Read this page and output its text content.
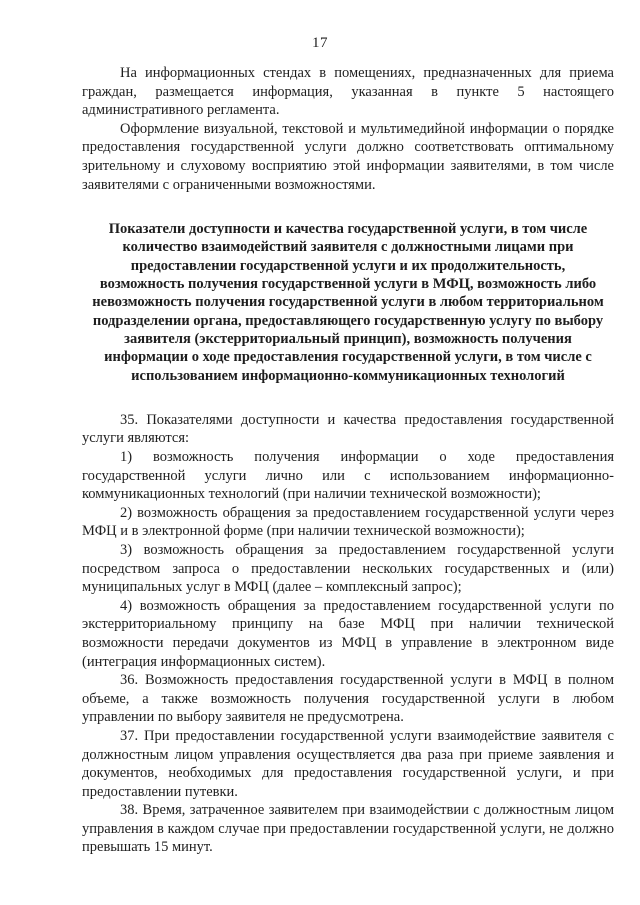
17

На информационных стендах в помещениях, предназначенных для приема граждан, размещается информация, указанная в пункте 5 настоящего административного регламента.

Оформление визуальной, текстовой и мультимедийной информации о порядке предоставления государственной услуги должно соответствовать оптимальному зрительному и слуховому восприятию этой информации заявителями, в том числе заявителями с ограниченными возможностями.

Показатели доступности и качества государственной услуги, в том числе количество взаимодействий заявителя с должностными лицами при предоставлении государственной услуги и их продолжительность, возможность получения государственной услуги в МФЦ, возможность либо невозможность получения государственной услуги в любом территориальном подразделении органа, предоставляющего государственную услугу по выбору заявителя (экстерриториальный принцип), возможность получения информации о ходе предоставления государственной услуги, в том числе с использованием информационно-коммуникационных технологий

35. Показателями доступности и качества предоставления государственной услуги являются:

1) возможность получения информации о ходе предоставления государственной услуги лично или с использованием информационно-коммуникационных технологий (при наличии технической возможности);

2) возможность обращения за предоставлением государственной услуги через МФЦ и в электронной форме (при наличии технической возможности);

3) возможность обращения за предоставлением государственной услуги посредством запроса о предоставлении нескольких государственных и (или) муниципальных услуг в МФЦ (далее – комплексный запрос);

4) возможность обращения за предоставлением государственной услуги по экстерриториальному принципу на базе МФЦ при наличии технической возможности передачи документов из МФЦ в управление в электронном виде (интеграция информационных систем).

36. Возможность предоставления государственной услуги в МФЦ в полном объеме, а также возможность получения государственной услуги в любом управлении по выбору заявителя не предусмотрена.

37. При предоставлении государственной услуги взаимодействие заявителя с должностным лицом управления осуществляется два раза при приеме заявления и документов, необходимых для предоставления государственной услуги, и при предоставлении путевки.

38. Время, затраченное заявителем при взаимодействии с должностным лицом управления в каждом случае при предоставлении государственной услуги, не должно превышать 15 минут.
